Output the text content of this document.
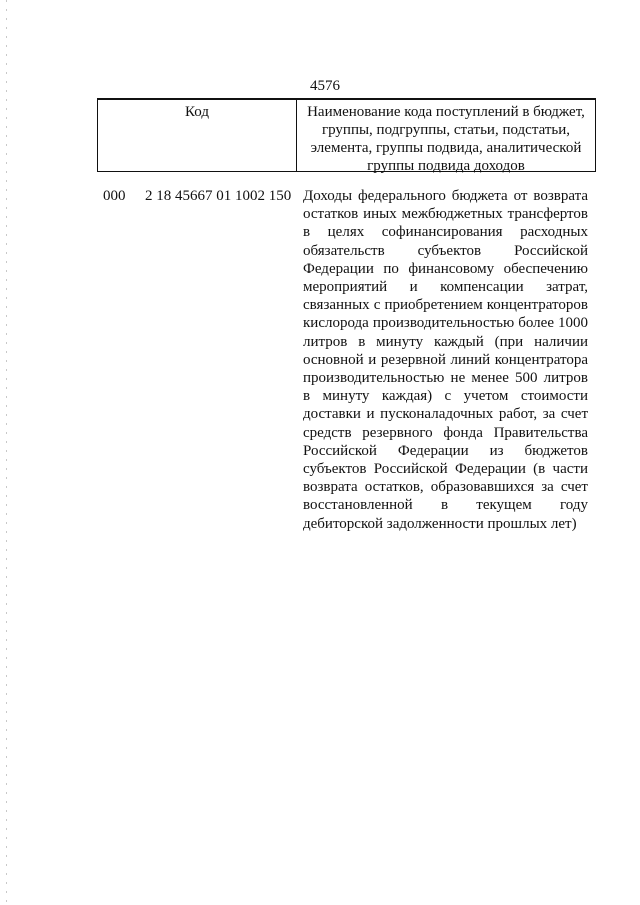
4576
Код	Наименование кода поступлений в бюджет, группы, подгруппы, статьи, подстатьи, элемента, группы подвида, аналитической группы подвида доходов
000 2 18 45667 01 1002 150 Доходы федерального бюджета от возврата остатков иных межбюджетных трансфертов в целях софинансирования расходных обязательств субъектов Российской Федерации по финансовому обеспечению мероприятий и компенсации затрат, связанных с приобретением концентраторов кислорода производительностью более 1000 литров в минуту каждый (при наличии основной и резервной линий концентратора производительностью не менее 500 литров в минуту каждая) с учетом стоимости доставки и пусконаладочных работ, за счет средств резервного фонда Правительства Российской Федерации из бюджетов субъектов Российской Федерации (в части возврата остатков, образовавшихся за счет восстановленной в текущем году дебиторской задолженности прошлых лет)
